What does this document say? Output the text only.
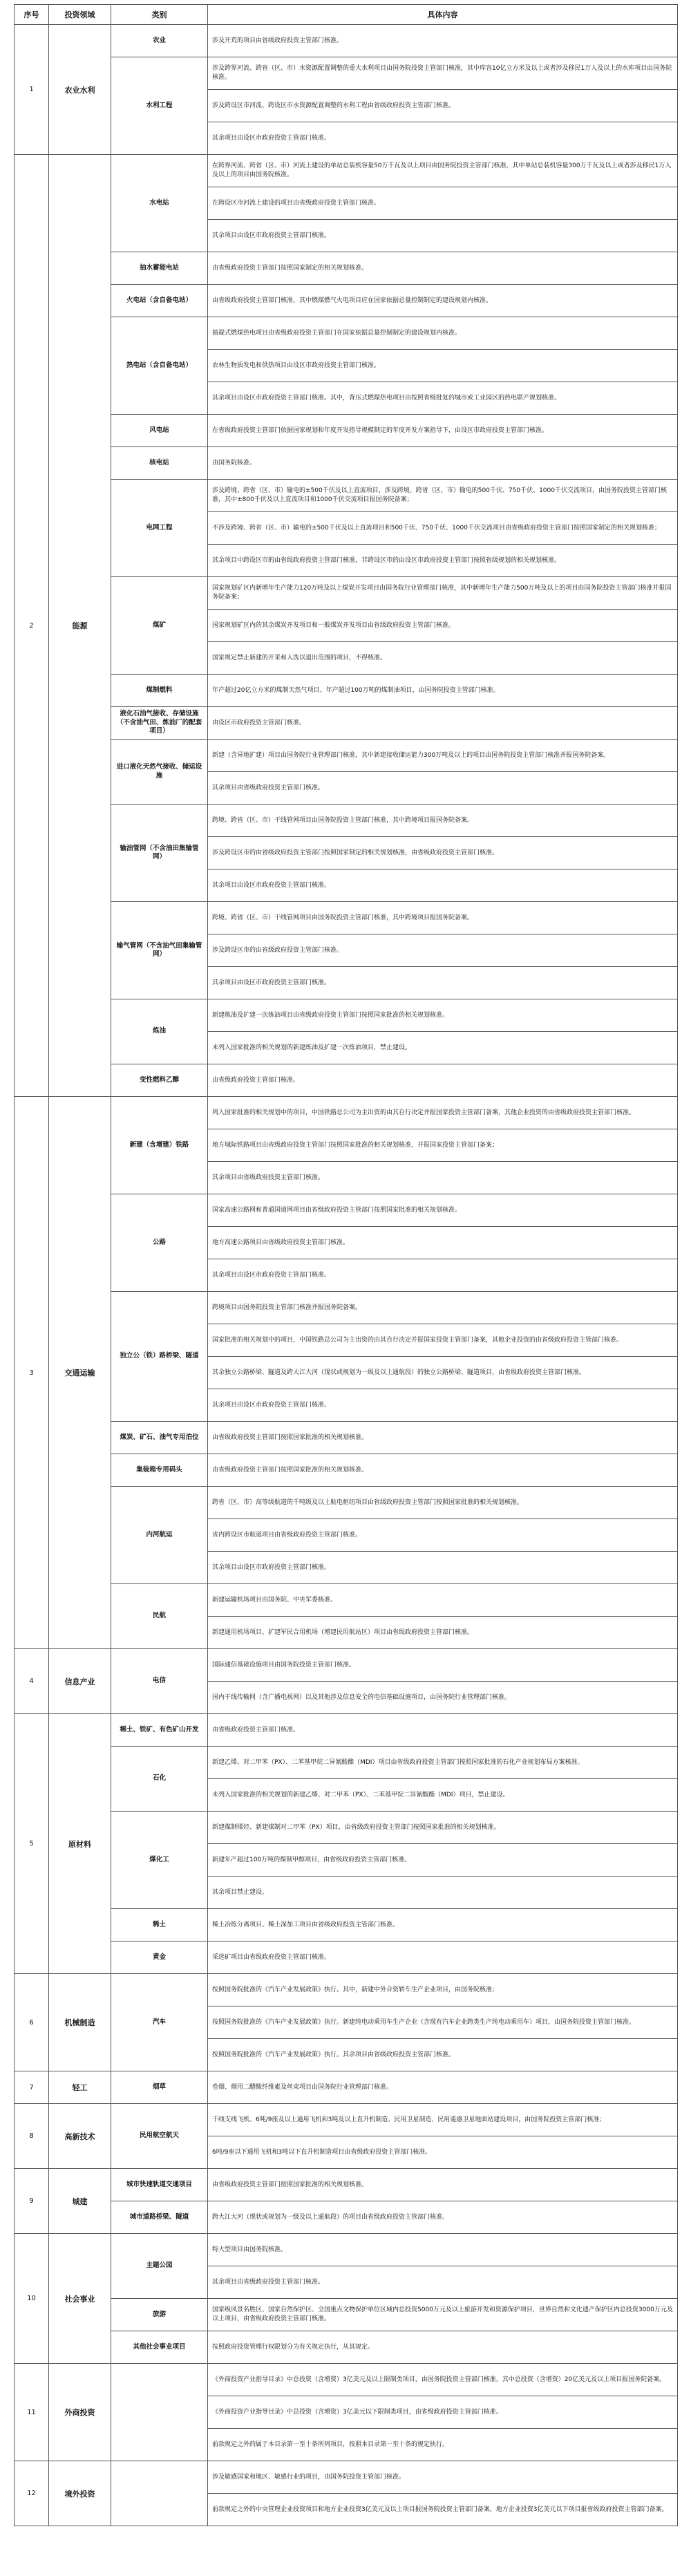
序号	投资领域	类别	具体内容
1	农业水利	农业	涉及开荒的项目由省级政府投资主管部门核准。
		水利工程	涉及跨界河流、跨省（区、市）水资源配置调整的重大水利项目由国务院投资主管部门核准，其中库容10亿立方米及以上或者涉及移民1万人及以上的水库项目由国务院核准。
			涉及跨设区市河流、跨设区市水资源配置调整的水利工程由省级政府投资主管部门核准。
			其余项目由设区市政府投资主管部门核准。
2	能源	水电站	在跨界河流、跨省（区、市）河流上建设的单站总装机容量50万千瓦及以上项目由国务院投资主管部门核准，其中单站总装机容量300万千瓦及以上或者涉及移民1万人及以上的项目由国务院核准。
			在跨设区市河流上建设的项目由省级政府投资主管部门核准。
			其余项目由设区市政府投资主管部门核准。
		抽水蓄能电站	由省级政府投资主管部门按照国家制定的相关规划核准。
		火电站（含自备电站）	由省级政府投资主管部门核准，其中燃煤燃气火电项目应在国家依据总量控制制定的建设规划内核准。
		热电站（含自备电站）	抽凝式燃煤热电项目由省级政府投资主管部门在国家依据总量控制制定的建设规划内核准。
			农林生物质发电和供热项目由设区市政府投资主管部门核准。
			其余项目由设区市政府投资主管部门核准。其中，背压式燃煤热电项目由按照省级批复的城市或工业园区的热电联产规划核准。
		风电站	在省级政府投资主管部门依据国家规划和年度开发指导规模制定的年度开发方案指导下，由设区市政府投资主管部门核准。
		核电站	由国务院核准。
		电网工程	涉及跨境、跨省（区、市）输电的±500千伏及以上直流项目，涉及跨境、跨省（区、市）输电的500千伏、750千伏、1000千伏交流项目，由国务院投资主管部门核准，其中±800千伏及以上直流项目和1000千伏交流项目报国务院备案；
			不涉及跨境、跨省（区、市）输电的±500千伏及以上直流项目和500千伏、750千伏、1000千伏交流项目由省级政府投资主管部门按照国家制定的相关规划核准；
			其余项目中跨设区市的由省级政府投资主管部门核准，非跨设区市的由设区市政府投资主管部门按照省级规划的相关规划核准。
		煤矿	国家规划矿区内新增年生产能力120万吨及以上煤炭开发项目由国务院行业管理部门核准，其中新增年生产能力500万吨及以上的项目由国务院投资主管部门核准并报国务院备案；
			国家规划矿区内的其余煤炭开发项目和一般煤炭开发项目由省级政府投资主管部门核准。
			国家规定禁止新建的开采和入洗以退出范围的项目，不得核准。
		煤制燃料	年产超过20亿立方米的煤制天然气项目、年产超过100万吨的煤制油项目，由国务院投资主管部门核准。
		液化石油气接收、存储设施（不含油气田、炼油厂的配套项目）	由设区市政府投资主管部门核准。
		进口液化天然气接收、储运设施	新建（含异地扩建）项目由国务院行业管理部门核准，其中新建接收储运能力300万吨及以上的项目由国务院投资主管部门核准并报国务院备案。
			其余项目由省级政府投资主管部门核准。
		输油管网（不含油田集输管网）	跨境、跨省（区、市）干线管网项目由国务院投资主管部门核准，其中跨境项目报国务院备案。
			涉及跨设区市的由省级政府投资主管部门按照国家制定的相关规划核准，由省级政府投资主管部门核准。
			其余项目由设区市政府投资主管部门核准。
		输气管网（不含油气田集输管网）	跨境、跨省（区、市）干线管网项目由国务院投资主管部门核准，其中跨境项目报国务院备案。
			涉及跨设区市的由省级政府投资主管部门核准。
			其余项目由设区市政府投资主管部门核准。
		炼油	新建炼油及扩建一次炼油项目由省级政府投资主管部门按照国家批准的相关规划核准。
			未列入国家批准的相关规划的新建炼油及扩建一次炼油项目，禁止建设。
		变性燃料乙醇	由省级政府投资主管部门核准。
3	交通运输	新建（含增建）铁路	列入国家批准的相关规划中的项目，中国铁路总公司为主出资的由其自行决定并报国家投资主管部门备案，其他企业投资的由省级政府投资主管部门核准。
			地方城际铁路项目由省级政府投资主管部门按照国家批准的相关规划核准，并报国家投资主管部门备案；
			其余项目由省级政府投资主管部门核准。
		公路	国家高速公路网和普通国道网项目由省级政府投资主管部门按照国家批准的相关规划核准。
			地方高速公路项目由省级政府投资主管部门核准。
			其余项目由设区市政府投资主管部门核准。
		独立公（铁）路桥梁、隧道	跨境项目由国务院投资主管部门核准并报国务院备案。
			国家批准的相关规划中的项目，中国铁路总公司为主出资的由其自行决定并报国家投资主管部门备案，其他企业投资的由省级政府投资主管部门核准。
			其余独立公路桥梁、隧道及跨大江大河（现状或规划为一级及以上通航段）的独立公路桥梁、隧道项目，由省级政府投资主管部门核准。
			其余项目由设区市政府投资主管部门核准。
		煤炭、矿石、油气专用泊位	由省级政府投资主管部门按照国家批准的相关规划核准。
		集装箱专用码头	由省级政府投资主管部门按照国家批准的相关规划核准。
		内河航运	跨省（区、市）高等级航道的千吨级及以上航电枢纽项目由省级政府投资主管部门按照国家批准的相关规划核准。
			省内跨设区市航道项目由省级政府投资主管部门核准。
			其余项目由设区市政府投资主管部门核准。
		民航	新建运输机场项目由国务院、中央军委核准。
			新建通用机场项目、扩建军民合用机场（增建民用航站区）项目由省级政府投资主管部门核准。
4	信息产业	电信	国际通信基础设施项目由国务院投资主管部门核准。
			国内干线传输网（含广播电视网）以及其他涉及信息安全的电信基础设施项目，由国务院行业管理部门核准。
5	原材料	稀土、铁矿、有色矿山开发	由省级政府投资主管部门核准。
		石化	新建乙烯、对二甲苯（PX）、二苯基甲烷二异氰酸酯（MDI）项目由省级政府投资主管部门按照国家批准的石化产业规划布局方案核准。
			未列入国家批准的相关规划的新建乙烯、对二甲苯（PX）、二苯基甲烷二异氰酸酯（MDI）项目，禁止建设。
		煤化工	新建煤制烯烃、新建煤制对二甲苯（PX）项目，由省级政府投资主管部门按照国家批准的相关规划核准。
			新建年产超过100万吨的煤制甲醇项目，由省级政府投资主管部门核准。
			其余项目禁止建设。
		稀土	稀土冶炼分离项目、稀土深加工项目由省级政府投资主管部门核准。
		黄金	采选矿项目由省级政府投资主管部门核准。
6	机械制造	汽车	按照国务院批准的《汽车产业发展政策》执行。其中，新建中外合资轿车生产企业项目，由国务院核准；
			按照国务院批准的《汽车产业发展政策》执行。新建纯电动乘用车生产企业（含现有汽车企业跨类生产纯电动乘用车）项目，由国务院投资主管部门核准。
			按照国务院批准的《汽车产业发展政策》执行。其余项目由省级政府投资主管部门核准。
7	轻工	烟草	卷烟、烟用二醋酸纤维素及丝束项目由国务院行业管理部门核准。
8	高新技术	民用航空航天	干线支线飞机、6吨/9座及以上通用飞机和3吨及以上直升机制造、民用卫星制造、民用遥感卫星地面站建设项目，由国务院投资主管部门核准；
			6吨/9座以下通用飞机和3吨以下直升机制造项目由省级政府投资主管部门核准。
9	城建	城市快速轨道交通项目	由省级政府投资主管部门按照国家批准的相关规划核准。
		城市道路桥梁、隧道	跨大江大河（现状或规划为一级及以上通航段）的项目由省级政府投资主管部门核准。
10	社会事业	主题公园	特大型项目由国务院核准。
			其余项目由省级政府投资主管部门核准。
		旅游	国家级风景名胜区、国家自然保护区、全国重点文物保护单位区域内总投资5000万元及以上旅游开发和资源保护项目，世界自然和文化遗产保护区内总投资3000万元及以上项目，由省级政府投资主管部门核准。
		其他社会事业项目	按照政府投资管理行权限划分为有关规定执行，从其规定。
11	外商投资		《外商投资产业指导目录》中总投资（含增资）3亿美元及以上限制类项目，由国务院投资主管部门核准，其中总投资（含增资）20亿美元及以上项目报国务院备案。
			《外商投资产业指导目录》中总投资（含增资）3亿美元以下限制类项目，由省级政府投资主管部门核准。
			前款规定之外的属于本目录第一至十条所列项目，按照本目录第一至十条的规定执行。
12	境外投资		涉及敏感国家和地区、敏感行业的项目，由国务院投资主管部门核准。
			前款规定之外的中央管理企业投资项目和地方企业投资3亿美元及以上项目报国务院投资主管部门备案，地方企业投资3亿美元以下项目报省级政府投资主管部门备案。
